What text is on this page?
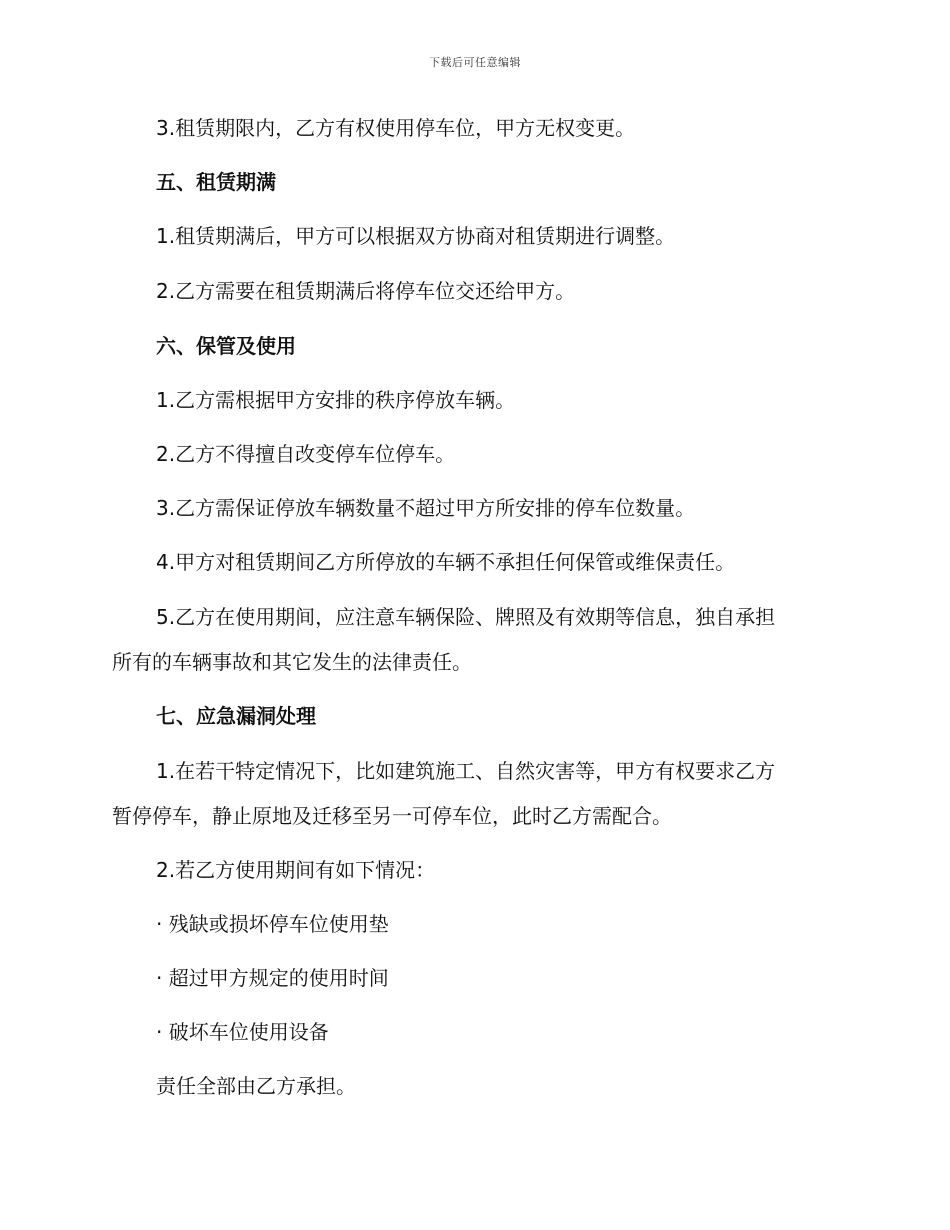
下载后可任意编辑
3.租赁期限内，乙方有权使用停车位，甲方无权变更。
五、租赁期满
1.租赁期满后，甲方可以根据双方协商对租赁期进行调整。
2.乙方需要在租赁期满后将停车位交还给甲方。
六、保管及使用
1.乙方需根据甲方安排的秩序停放车辆。
2.乙方不得擅自改变停车位停车。
3.乙方需保证停放车辆数量不超过甲方所安排的停车位数量。
4.甲方对租赁期间乙方所停放的车辆不承担任何保管或维保责任。
5.乙方在使用期间，应注意车辆保险、牌照及有效期等信息，独自承担
所有的车辆事故和其它发生的法律责任。
七、应急漏洞处理
1.在若干特定情况下，比如建筑施工、自然灾害等，甲方有权要求乙方
暂停停车，静止原地及迁移至另一可停车位，此时乙方需配合。
2.若乙方使用期间有如下情况：
· 残缺或损坏停车位使用垫
· 超过甲方规定的使用时间
· 破坏车位使用设备
责任全部由乙方承担。
